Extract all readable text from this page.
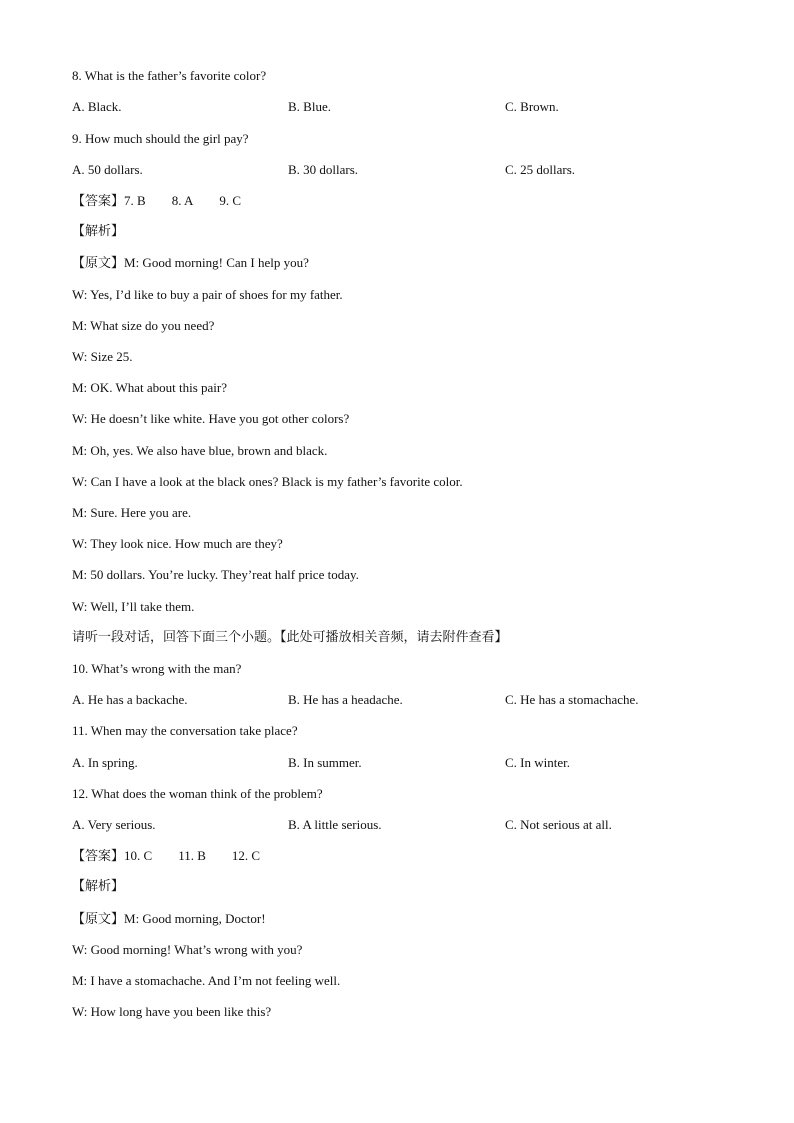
8. What is the father’s favorite color?
A. Black.	B. Blue.	C. Brown.
9. How much should the girl pay?
A. 50 dollars.	B. 30 dollars.	C. 25 dollars.
【答案】7. B 8. A 9. C
【解析】
【原文】M: Good morning! Can I help you?
W: Yes, I’d like to buy a pair of shoes for my father.
M: What size do you need?
W: Size 25.
M: OK. What about this pair?
W: He doesn’t like white. Have you got other colors?
M: Oh, yes. We also have blue, brown and black.
W: Can I have a look at the black ones? Black is my father’s favorite color.
M: Sure. Here you are.
W: They look nice. How much are they?
M: 50 dollars. You’re lucky. They’reat half price today.
W: Well, I’ll take them.
请听一段对话，回答下面三个小题。【此处可播放相关音频，请去附件查看】
10. What’s wrong with the man?
A. He has a backache.	B. He has a headache.	C. He has a stomachache.
11. When may the conversation take place?
A. In spring.	B. In summer.	C. In winter.
12. What does the woman think of the problem?
A. Very serious.	B. A little serious.	C. Not serious at all.
【答案】10. C 11. B 12. C
【解析】
【原文】M: Good morning, Doctor!
W: Good morning! What’s wrong with you?
M: I have a stomachache. And I’m not feeling well.
W: How long have you been like this?
